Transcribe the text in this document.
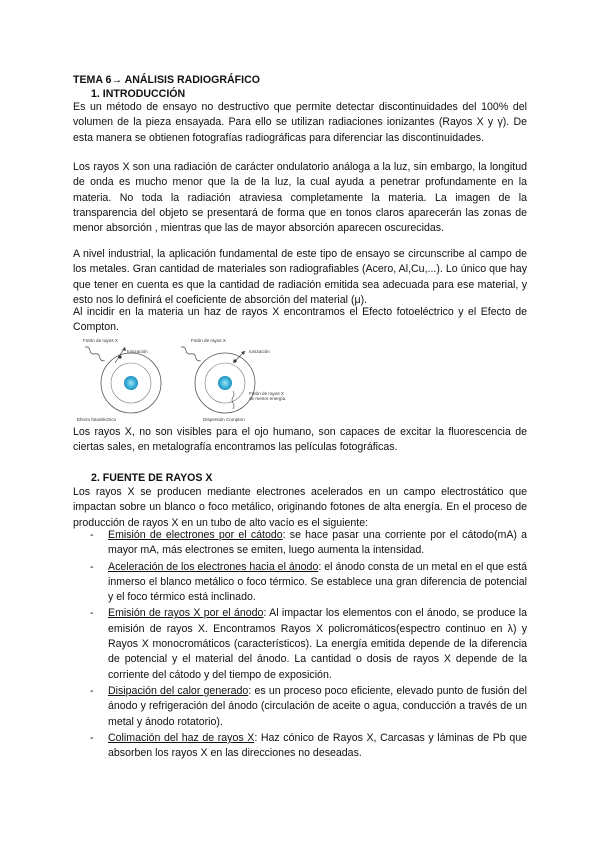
TEMA 6→ ANÁLISIS RADIOGRÁFICO
1. INTRODUCCIÓN
Es un método de ensayo no destructivo que permite detectar discontinuidades del 100% del volumen de la pieza ensayada. Para ello se utilizan radiaciones ionizantes (Rayos X y γ). De esta manera se obtienen fotografías radiográficas para diferenciar las discontinuidades.
Los rayos X son una radiación de carácter ondulatorio análoga a la luz, sin embargo, la longitud de onda es mucho menor que la de la luz, la cual ayuda a penetrar profundamente en la materia. No toda la radiación atraviesa completamente la materia. La imagen de la transparencia del objeto se presentará de forma que en tonos claros aparecerán las zonas de menor absorción , mientras que las de mayor absorción aparecen oscurecidas.
A nivel industrial, la aplicación fundamental de este tipo de ensayo se circunscribe al campo de los metales. Gran cantidad de materiales son radiografiables (Acero, Al,Cu,...). Lo único que hay que tener en cuenta es que la cantidad de radiación emitida sea adecuada para ese material, y esto nos lo definirá el coeficiente de absorción del material (μ).
Al incidir en la materia un haz de rayos X encontramos el Efecto fotoeléctrico y el Efecto de Compton.
Fotón de rayos X
Ionización
Efecto fotoeléctrico
Fotón de rayos X
Ionización
Fotón de rayos X
de menor energía
Dispersión Compton
Los rayos X, no son visibles para el ojo humano, son capaces de excitar la fluorescencia de ciertas sales, en metalografía encontramos las películas fotográficas.
2. FUENTE DE RAYOS X
Los rayos X se producen mediante electrones acelerados en un campo electrostático que impactan sobre un blanco o foco metálico, originando fotones de alta energía. En el proceso de producción de rayos X en un tubo de alto vacío es el siguiente:
- Emisión de electrones por el cátodo: se hace pasar una corriente por el cátodo(mA) a mayor mA, más electrones se emiten, luego aumenta la intensidad.
- Aceleración de los electrones hacia el ánodo: el ánodo consta de un metal en el que está inmerso el blanco metálico o foco térmico. Se establece una gran diferencia de potencial y el foco térmico está inclinado.
- Emisión de rayos X por el ánodo: Al impactar los elementos con el ánodo, se produce la emisión de rayos X. Encontramos Rayos X policromáticos(espectro continuo en λ) y Rayos X monocromáticos (característicos). La energía emitida depende de la diferencia de potencial y el material del ánodo. La cantidad o dosis de rayos X depende de la corriente del cátodo y del tiempo de exposición.
- Disipación del calor generado: es un proceso poco eficiente, elevado punto de fusión del ánodo y refrigeración del ánodo (circulación de aceite o agua, conducción a través de un metal y ánodo rotatorio).
- Colimación del haz de rayos X: Haz cónico de Rayos X, Carcasas y láminas de Pb que absorben los rayos X en las direcciones no deseadas.
